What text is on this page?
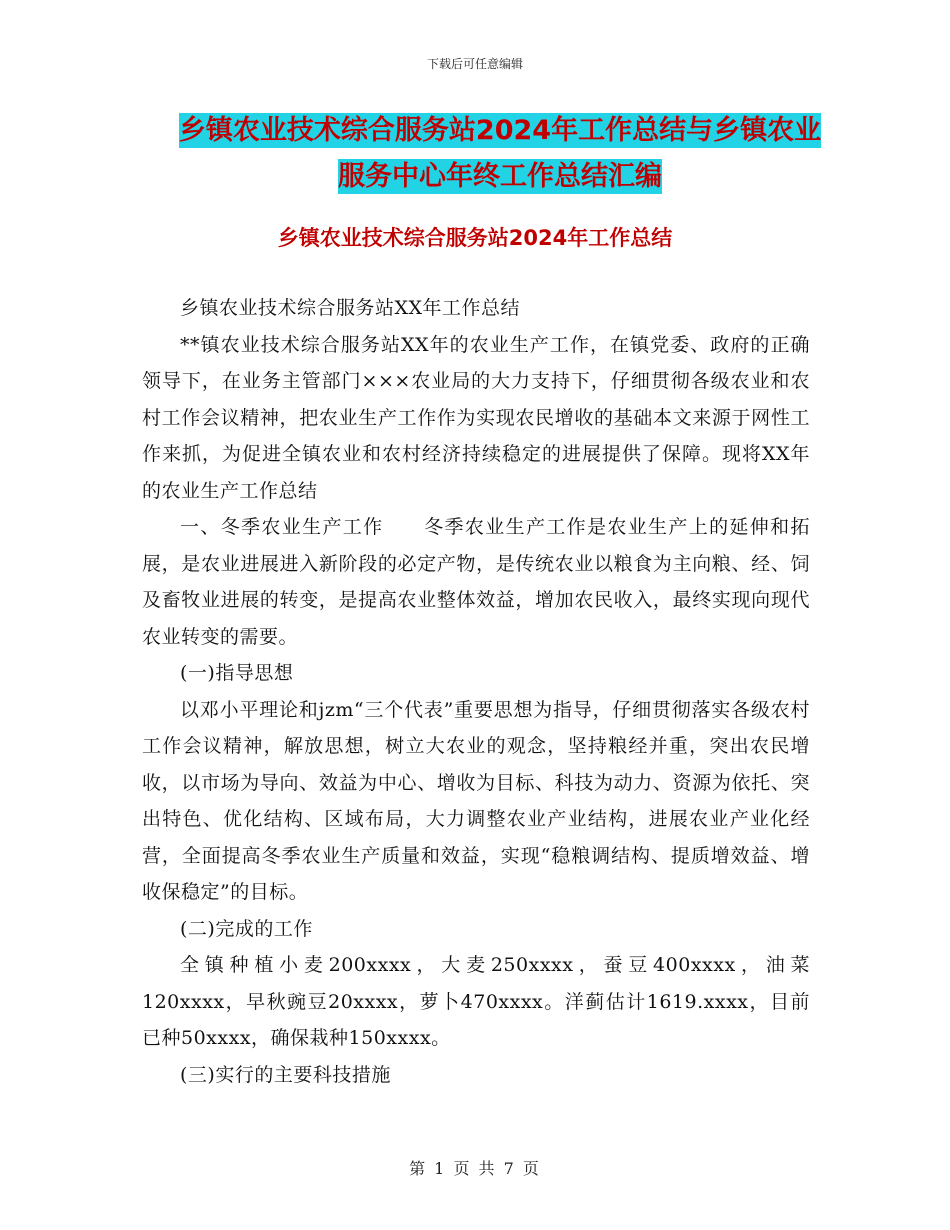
下载后可任意编辑
乡镇农业技术综合服务站2024年工作总结与乡镇农业
服务中心年终工作总结汇编
乡镇农业技术综合服务站2024年工作总结

乡镇农业技术综合服务站XX年工作总结

**镇农业技术综合服务站XX年的农业生产工作，在镇党委、政府的正确领导下，在业务主管部门×××农业局的大力支持下，仔细贯彻各级农业和农村工作会议精神，把农业生产工作作为实现农民增收的基础本文来源于网性工作来抓，为促进全镇农业和农村经济持续稳定的进展提供了保障。现将XX年的农业生产工作总结

一、冬季农业生产工作　　冬季农业生产工作是农业生产上的延伸和拓展，是农业进展进入新阶段的必定产物，是传统农业以粮食为主向粮、经、饲及畜牧业进展的转变，是提高农业整体效益，增加农民收入，最终实现向现代农业转变的需要。

(一)指导思想

以邓小平理论和jzm“三个代表”重要思想为指导，仔细贯彻落实各级农村工作会议精神，解放思想，树立大农业的观念，坚持粮经并重，突出农民增收，以市场为导向、效益为中心、增收为目标、科技为动力、资源为依托、突出特色、优化结构、区域布局，大力调整农业产业结构，进展农业产业化经营，全面提高冬季农业生产质量和效益，实现“稳粮调结构、提质增效益、增收保稳定”的目标。

(二)完成的工作

全镇种植小麦200xxxx，大麦250xxxx，蚕豆400xxxx，油菜120xxxx，早秋豌豆20xxxx，萝卜470xxxx。洋蓟估计1619.xxxx，目前已种50xxxx，确保栽种150xxxx。

(三)实行的主要科技措施

第 1 页 共 7 页
